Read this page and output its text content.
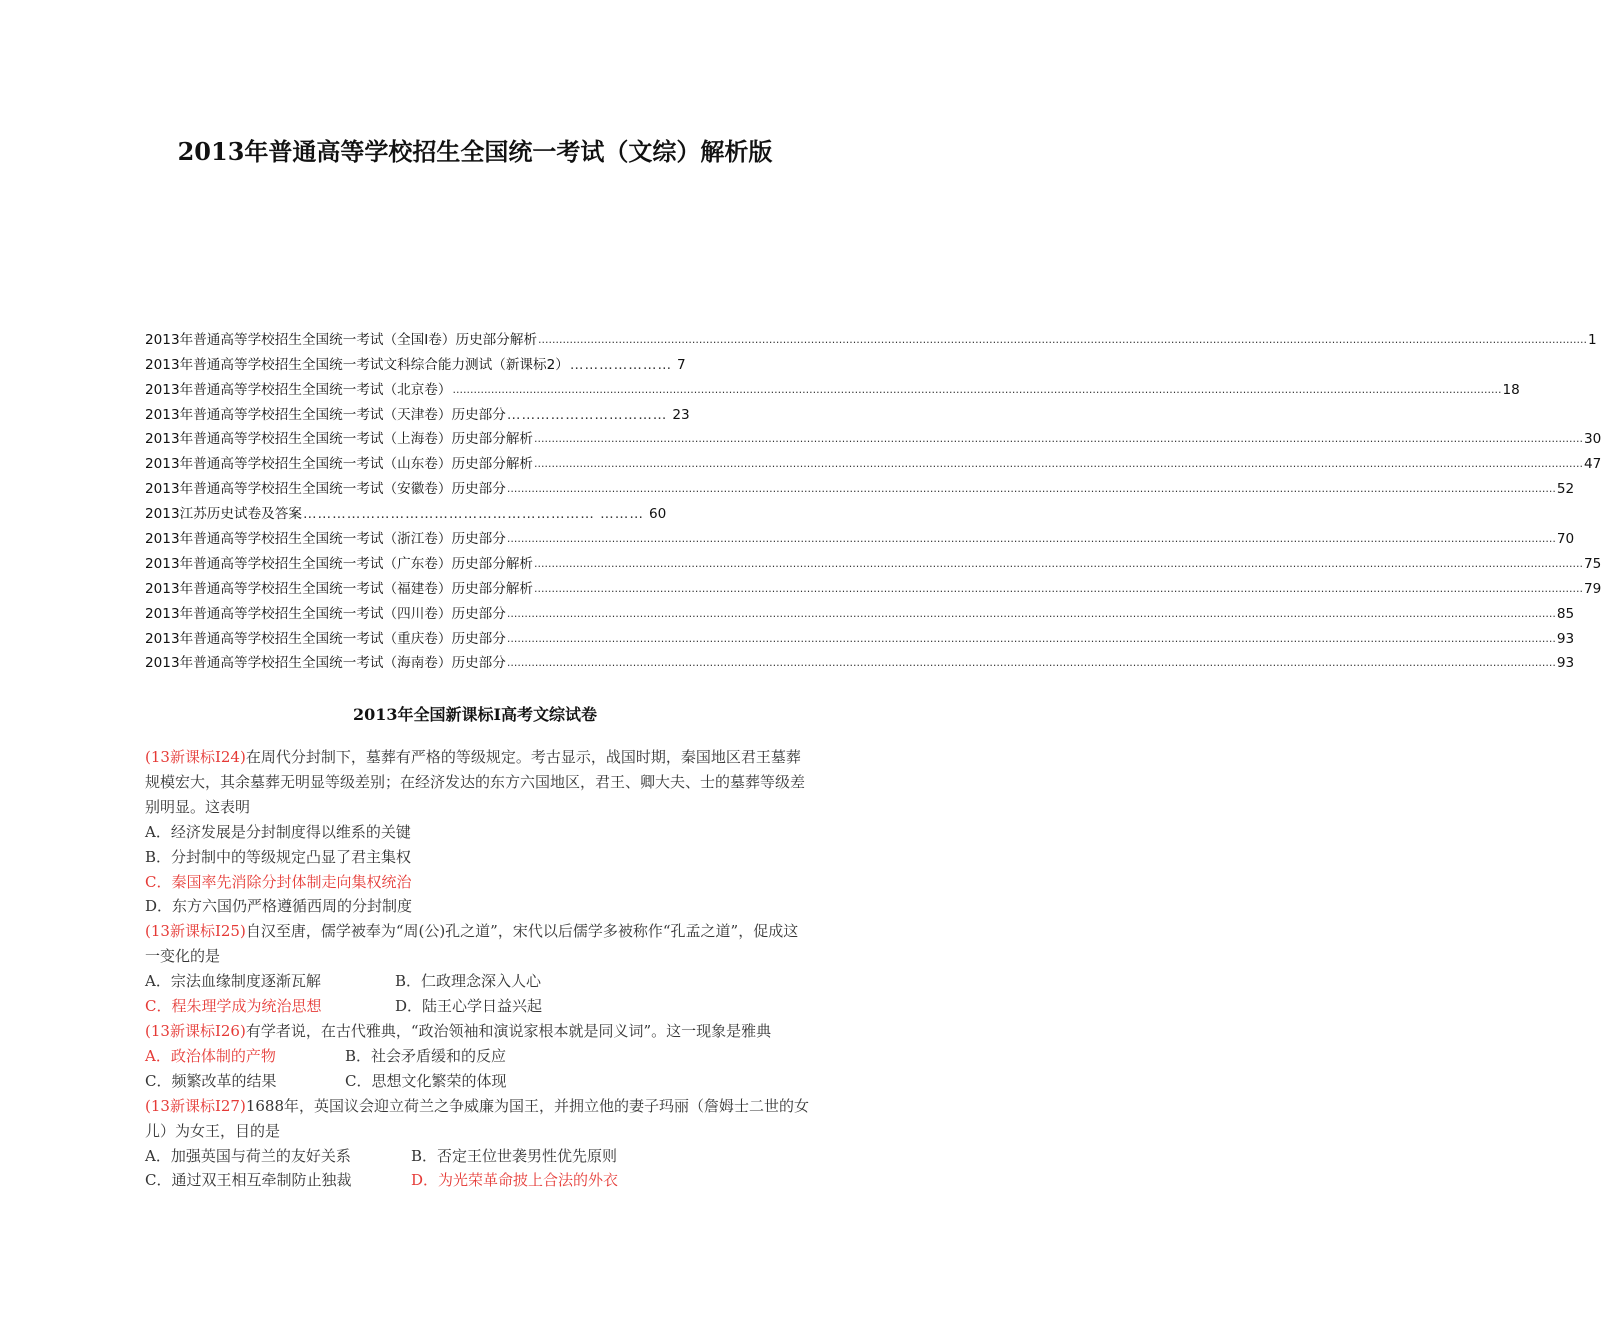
2013年普通高等学校招生全国统一考试（文综）解析版
2013年普通高等学校招生全国统一考试（全国Ⅰ卷）历史部分解析 ............................................................................................................................................................................................................................................................................................................ 1
2013年普通高等学校招生全国统一考试文科综合能力测试（新课标2） ………………… 7
2013年普通高等学校招生全国统一考试（北京卷） ............................................................................................................................................................................................................................................................................................................ 18
2013年普通高等学校招生全国统一考试（天津卷）历史部分 …………………………… 23
2013年普通高等学校招生全国统一考试（上海卷）历史部分解析 ............................................................................................................................................................................................................................................................................................................ 30
2013年普通高等学校招生全国统一考试（山东卷）历史部分解析 ............................................................................................................................................................................................................................................................................................................ 47
2013年普通高等学校招生全国统一考试（安徽卷）历史部分 ............................................................................................................................................................................................................................................................................................................ 52
2013江苏历史试卷及答案 …………………………………………………… ……… 60
2013年普通高等学校招生全国统一考试（浙江卷）历史部分 ............................................................................................................................................................................................................................................................................................................ 70
2013年普通高等学校招生全国统一考试（广东卷）历史部分解析 ............................................................................................................................................................................................................................................................................................................ 75
2013年普通高等学校招生全国统一考试（福建卷）历史部分解析 ............................................................................................................................................................................................................................................................................................................ 79
2013年普通高等学校招生全国统一考试（四川卷）历史部分 ............................................................................................................................................................................................................................................................................................................ 85
2013年普通高等学校招生全国统一考试（重庆卷）历史部分 ............................................................................................................................................................................................................................................................................................................ 93
2013年普通高等学校招生全国统一考试（海南卷）历史部分 ............................................................................................................................................................................................................................................................................................................ 93
2013年全国新课标I高考文综试卷

(13新课标I24)在周代分封制下，墓葬有严格的等级规定。考古显示，战国时期，秦国地区君王墓葬规模宏大，其余墓葬无明显等级差别；在经济发达的东方六国地区，君王、卿大夫、士的墓葬等级差别明显。这表明

A．经济发展是分封制度得以维系的关键

B．分封制中的等级规定凸显了君主集权

C．秦国率先消除分封体制走向集权统治

D．东方六国仍严格遵循西周的分封制度

(13新课标I25)自汉至唐，儒学被奉为“周(公)孔之道”，宋代以后儒学多被称作“孔孟之道”，促成这一变化的是

A．宗法血缘制度逐渐瓦解	B．仁政理念深入人心
C．程朱理学成为统治思想	D．陆王心学日益兴起

(13新课标I26)有学者说，在古代雅典，“政治领袖和演说家根本就是同义词”。这一现象是雅典

A．政治体制的产物	B．社会矛盾缓和的反应
C．频繁改革的结果	C．思想文化繁荣的体现

(13新课标I27)1688年，英国议会迎立荷兰之争威廉为国王，并拥立他的妻子玛丽（詹姆士二世的女儿）为女王，目的是

A．加强英国与荷兰的友好关系	B．否定王位世袭男性优先原则
C．通过双王相互牵制防止独裁	D．为光荣革命披上合法的外衣
